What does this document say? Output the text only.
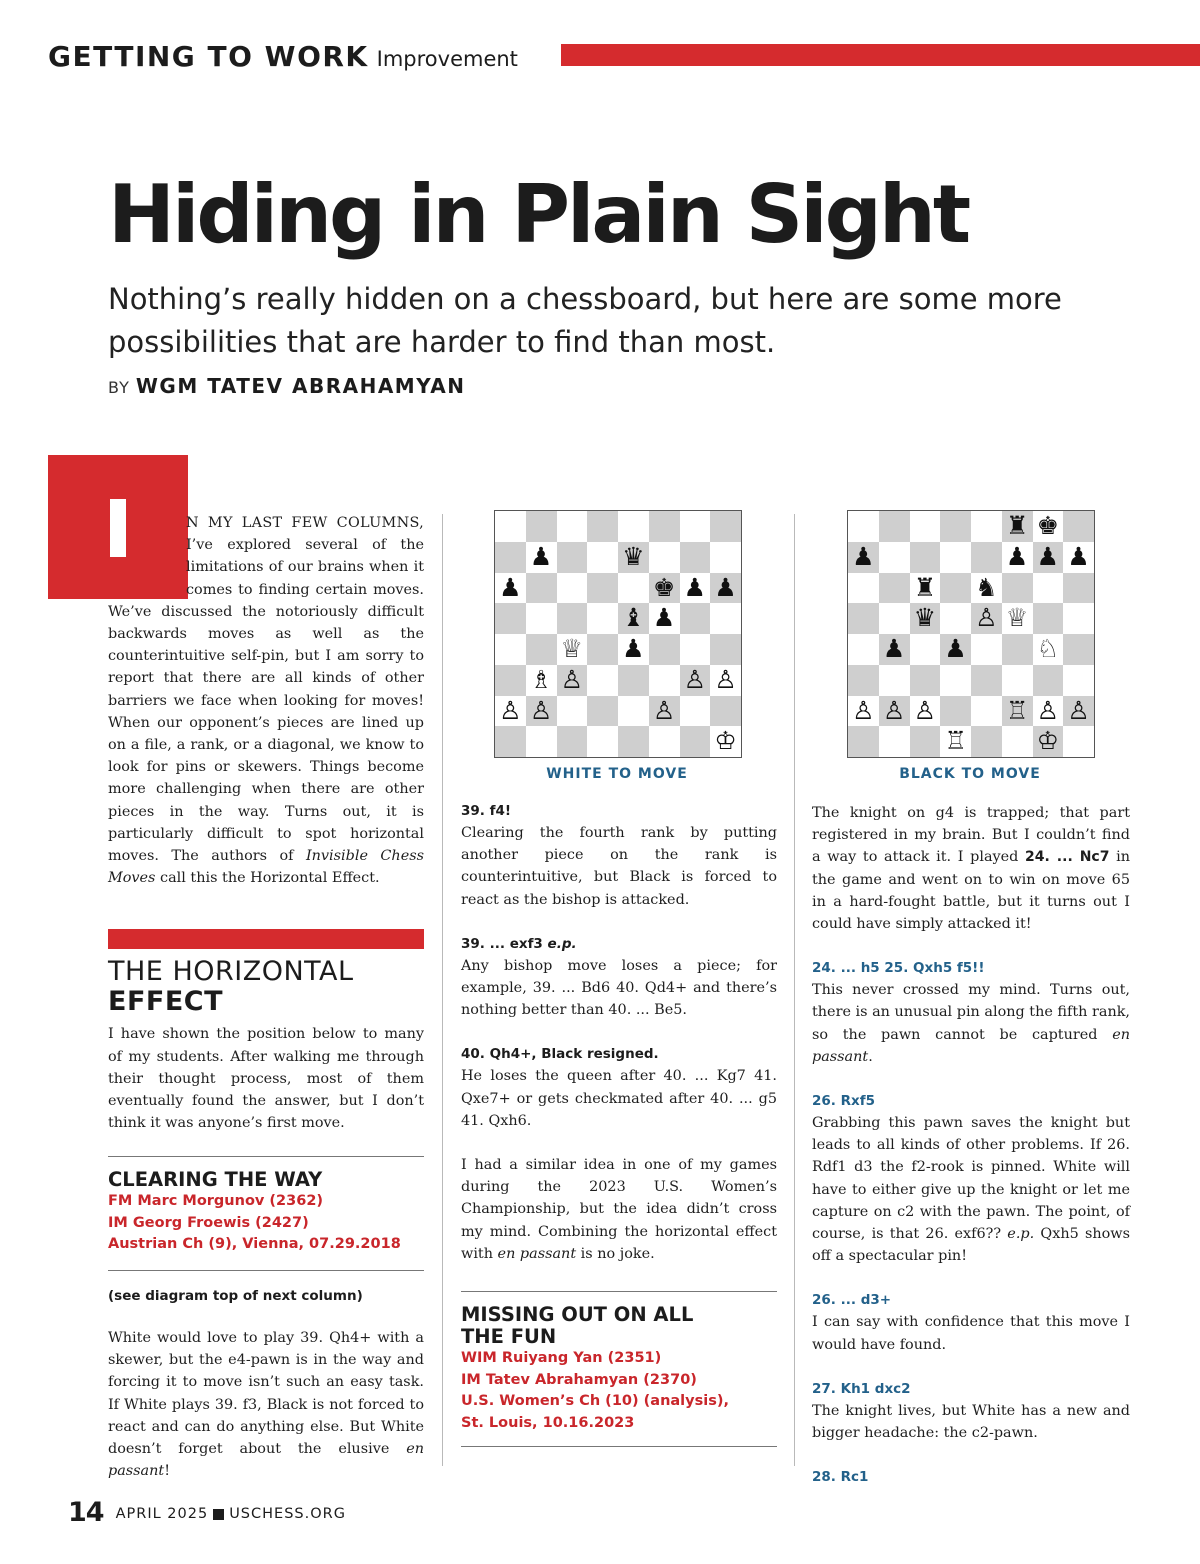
GETTING TO WORK Improvement
Hiding in Plain Sight
Nothing’s really hidden on a chessboard, but here are some more possibilities that are harder to find than most.
BY WGM TATEV ABRAHAMYAN

N MY LAST FEW COLUMNS, I’ve explored several of the limitations of our brains when it comes to finding certain moves. We’ve discussed the notoriously difficult backwards moves as well as the counterintuitive self-pin, but I am sorry to report that there are all kinds of other barriers we face when looking for moves! When our opponent’s pieces are lined up on a file, a rank, or a diagonal, we know to look for pins or skewers. Things become more challenging when there are other pieces in the way. Turns out, it is particularly difficult to spot horizontal moves. The authors of Invisible Chess Moves call this the Horizontal Effect.

THE HORIZONTAL
EFFECT

I have shown the position below to many of my students. After walking me through their thought process, most of them eventually found the answer, but I don’t think it was anyone’s first move.

CLEARING THE WAY
FM Marc Morgunov (2362)
IM Georg Froewis (2427)
Austrian Ch (9), Vienna, 07.29.2018
(see diagram top of next column)

White would love to play 39. Qh4+ with a skewer, but the e4-pawn is in the way and forcing it to move isn’t such an easy task. If White plays 39. f3, Black is not forced to react and can do anything else. But White doesn’t forget about the elusive en passant!

♟	♛
♟	♚ ♟ ♟
♝ ♟
♕ ♟
♗ ♙	♙ ♙
♙ ♙	♙
♔
WHITE TO MOVE
39. f4!

Clearing the fourth rank by putting another piece on the rank is counterintuitive, but Black is forced to react as the bishop is attacked.

39. ... exf3 e.p.

Any bishop move loses a piece; for example, 39. ... Bd6 40. Qd4+ and there’s nothing better than 40. ... Be5.

40. Qh4+, Black resigned.

He loses the queen after 40. ... Kg7 41. Qxe7+ or gets checkmated after 40. ... g5 41. Qxh6.

I had a similar idea in one of my games during the 2023 U.S. Women’s Championship, but the idea didn’t cross my mind. Combining the horizontal effect with en passant is no joke.

MISSING OUT ON ALL THE FUN
WIM Ruiyang Yan (2351)
IM Tatev Abrahamyan (2370)
U.S. Women’s Ch (10) (analysis),
St. Louis, 10.16.2023
♜ ♚
♟	♟ ♟ ♟
♜ ♞
♛ ♙ ♕
♟ ♟	♘
♙ ♙ ♙	♖ ♙ ♙
♖	♔
BLACK TO MOVE

The knight on g4 is trapped; that part registered in my brain. But I couldn’t find a way to attack it. I played 24. ... Nc7 in the game and went on to win on move 65 in a hard-fought battle, but it turns out I could have simply attacked it!

24. ... h5 25. Qxh5 f5!!

This never crossed my mind. Turns out, there is an unusual pin along the fifth rank, so the pawn cannot be captured en passant.

26. Rxf5

Grabbing this pawn saves the knight but leads to all kinds of other problems. If 26. Rdf1 d3 the f2-rook is pinned. White will have to either give up the knight or let me capture on c2 with the pawn. The point, of course, is that 26. exf6?? e.p. Qxh5 shows off a spectacular pin!

26. ... d3+

I can say with confidence that this move I would have found.

27. Kh1 dxc2

The knight lives, but White has a new and bigger headache: the c2-pawn.

28. Rc1
14 APRIL 2025 USCHESS.ORG
